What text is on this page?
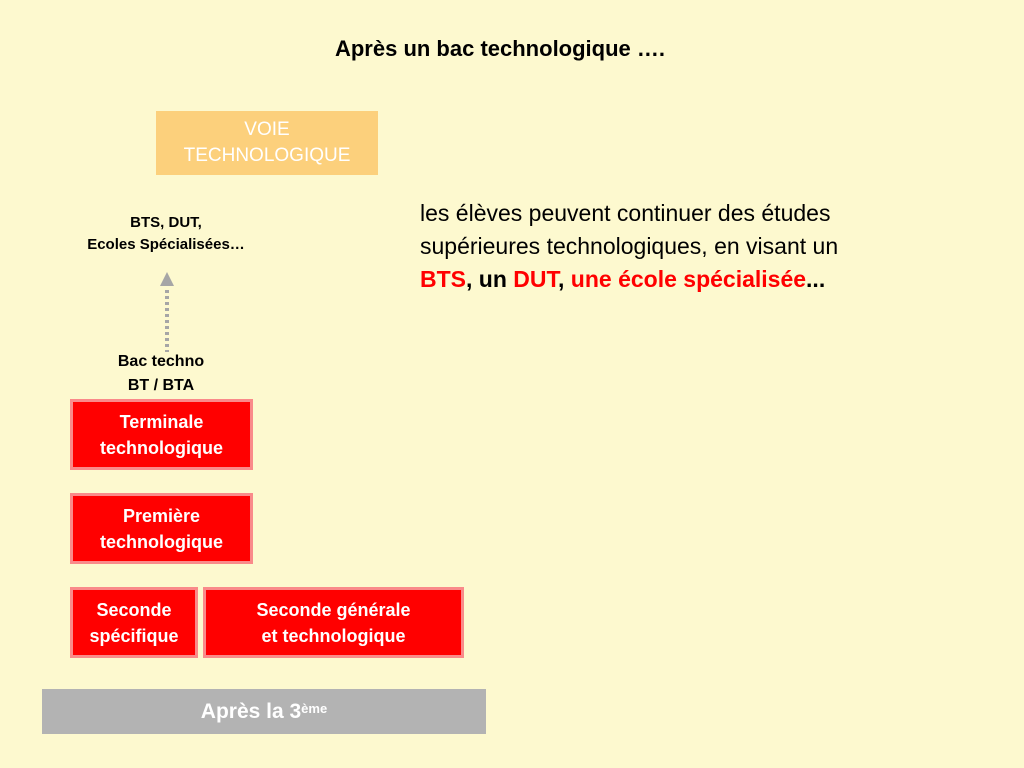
Après un bac technologique ….
VOIE
TECHNOLOGIQUE
BTS, DUT,
Ecoles Spécialisées…
Bac techno
BT / BTA
Terminale
technologique
Première
technologique
Seconde
spécifique
Seconde générale
et technologique
Après la 3ème
les élèves peuvent continuer des études
supérieures technologiques, en visant un
BTS, un DUT, une école spécialisée...
